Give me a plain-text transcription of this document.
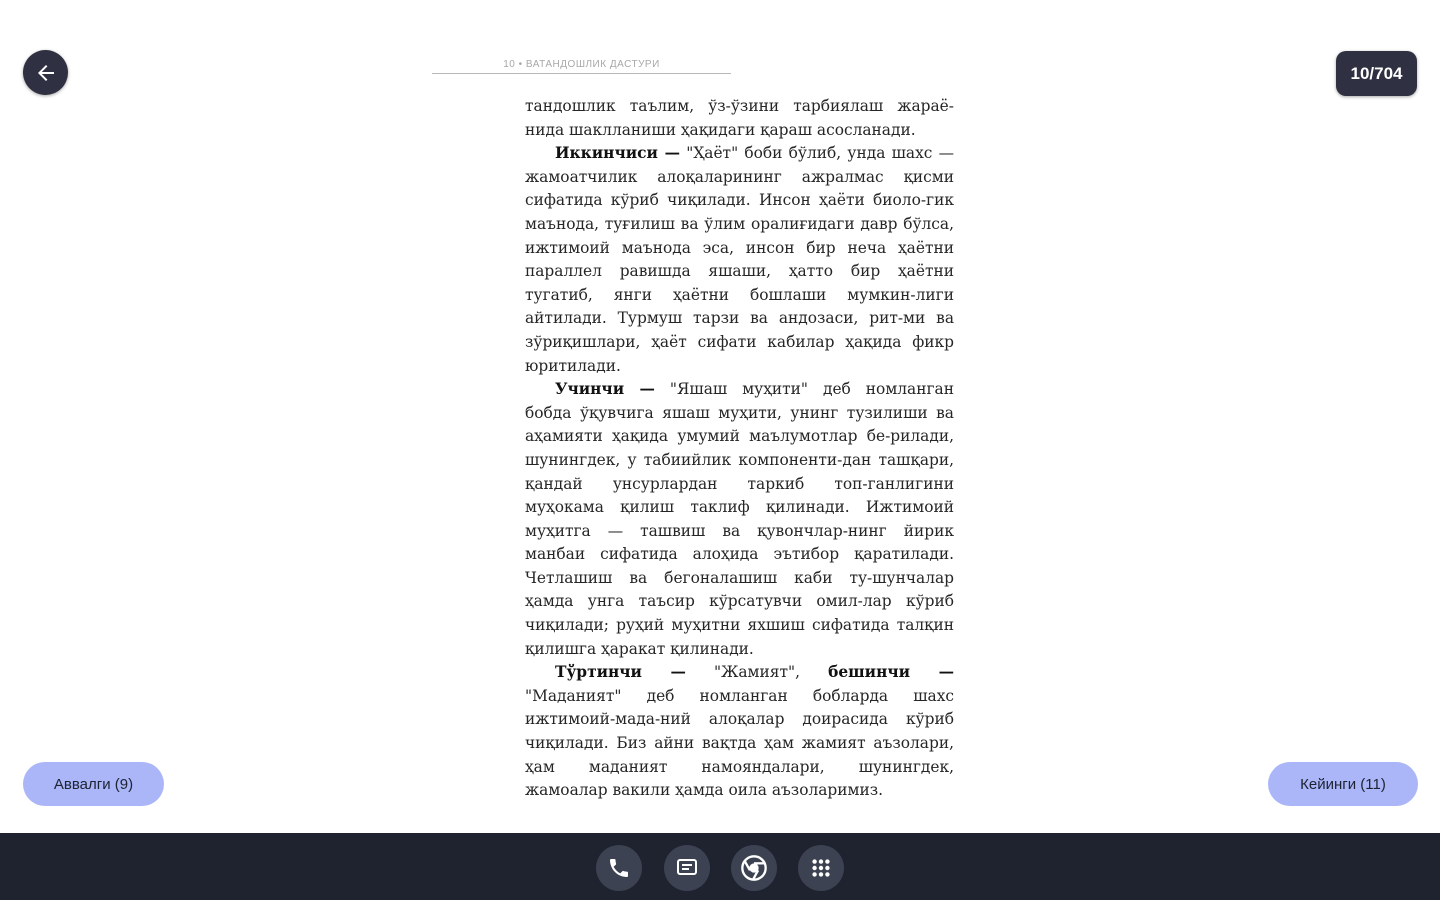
10 • ВАТАНДОШЛИК ДАСТУРИ	10/704

тандошлик таълим, ўз-ўзини тарбиялаш жараё-нида шаклланиши ҳақидаги қараш асосланади.

Иккинчиси — "Ҳаёт" боби бўлиб, унда шахс — жамоатчилик алоқаларининг ажралмас қисми сифатида кўриб чиқилади. Инсон ҳаёти биоло-гик маънода, туғилиш ва ўлим оралиғидаги давр бўлса, ижтимоий маънода эса, инсон бир неча ҳаётни параллел равишда яшаши, ҳатто бир ҳаётни тугатиб, янги ҳаётни бошлаши мумкин-лиги айтилади. Турмуш тарзи ва андозаси, рит-ми ва зўриқишлари, ҳаёт сифати кабилар ҳақида фикр юритилади.

Учинчи — "Яшаш муҳити" деб номланган бобда ўқувчига яшаш муҳити, унинг тузилиши ва аҳамияти ҳақида умумий маълумотлар бе-рилади, шунингдек, у табиийлик компоненти-дан ташқари, қандай унсурлардан таркиб топ-ганлигини муҳокама қилиш таклиф қилинади. Ижтимоий муҳитга — ташвиш ва қувончлар-нинг йирик манбаи сифатида алоҳида эътибор қаратилади. Четлашиш ва бегоналашиш каби ту-шунчалар ҳамда унга таъсир кўрсатувчи омил-лар кўриб чиқилади; руҳий муҳитни яхшиш сифатида талқин қилишга ҳаракат қилинади.

Тўртинчи — "Жамият", бешинчи — "Маданият" деб номланган бобларда шахс ижтимоий-мада-ний алоқалар доирасида кўриб чиқилади. Биз айни вақтда ҳам жамият аъзолари, ҳам маданият намояндалари, шунингдек, жамоалар вакили ҳамда оила аъзоларимиз.

Аввалги (9)	Кейинги (11)
